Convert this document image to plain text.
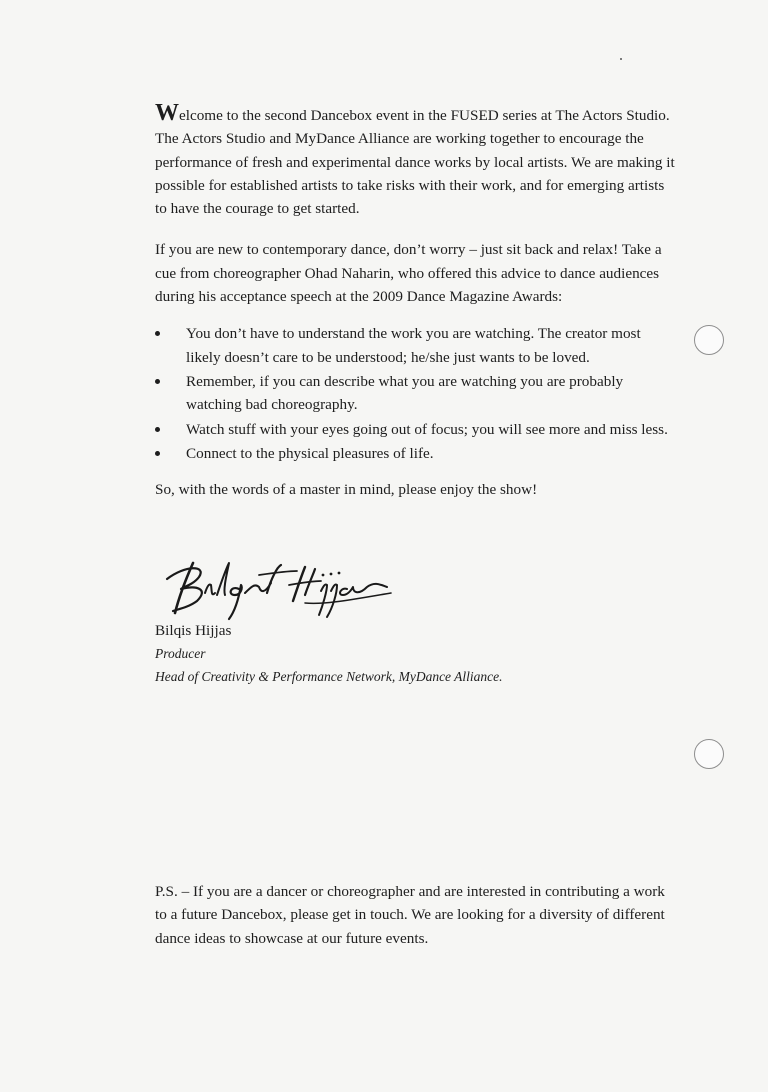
Welcome to the second Dancebox event in the FUSED series at The Actors Studio. The Actors Studio and MyDance Alliance are working together to encourage the performance of fresh and experimental dance works by local artists. We are making it possible for established artists to take risks with their work, and for emerging artists to have the courage to get started.

If you are new to contemporary dance, don’t worry – just sit back and relax! Take a cue from choreographer Ohad Naharin, who offered this advice to dance audiences during his acceptance speech at the 2009 Dance Magazine Awards:

You don’t have to understand the work you are watching. The creator most likely doesn’t care to be understood; he/she just wants to be loved.
Remember, if you can describe what you are watching you are probably watching bad choreography.
Watch stuff with your eyes going out of focus; you will see more and miss less.
Connect to the physical pleasures of life.

So, with the words of a master in mind, please enjoy the show!

Bilqis Hijjas

Producer

Head of Creativity & Performance Network, MyDance Alliance.

P.S. – If you are a dancer or choreographer and are interested in contributing a work to a future Dancebox, please get in touch. We are looking for a diversity of different dance ideas to showcase at our future events.
